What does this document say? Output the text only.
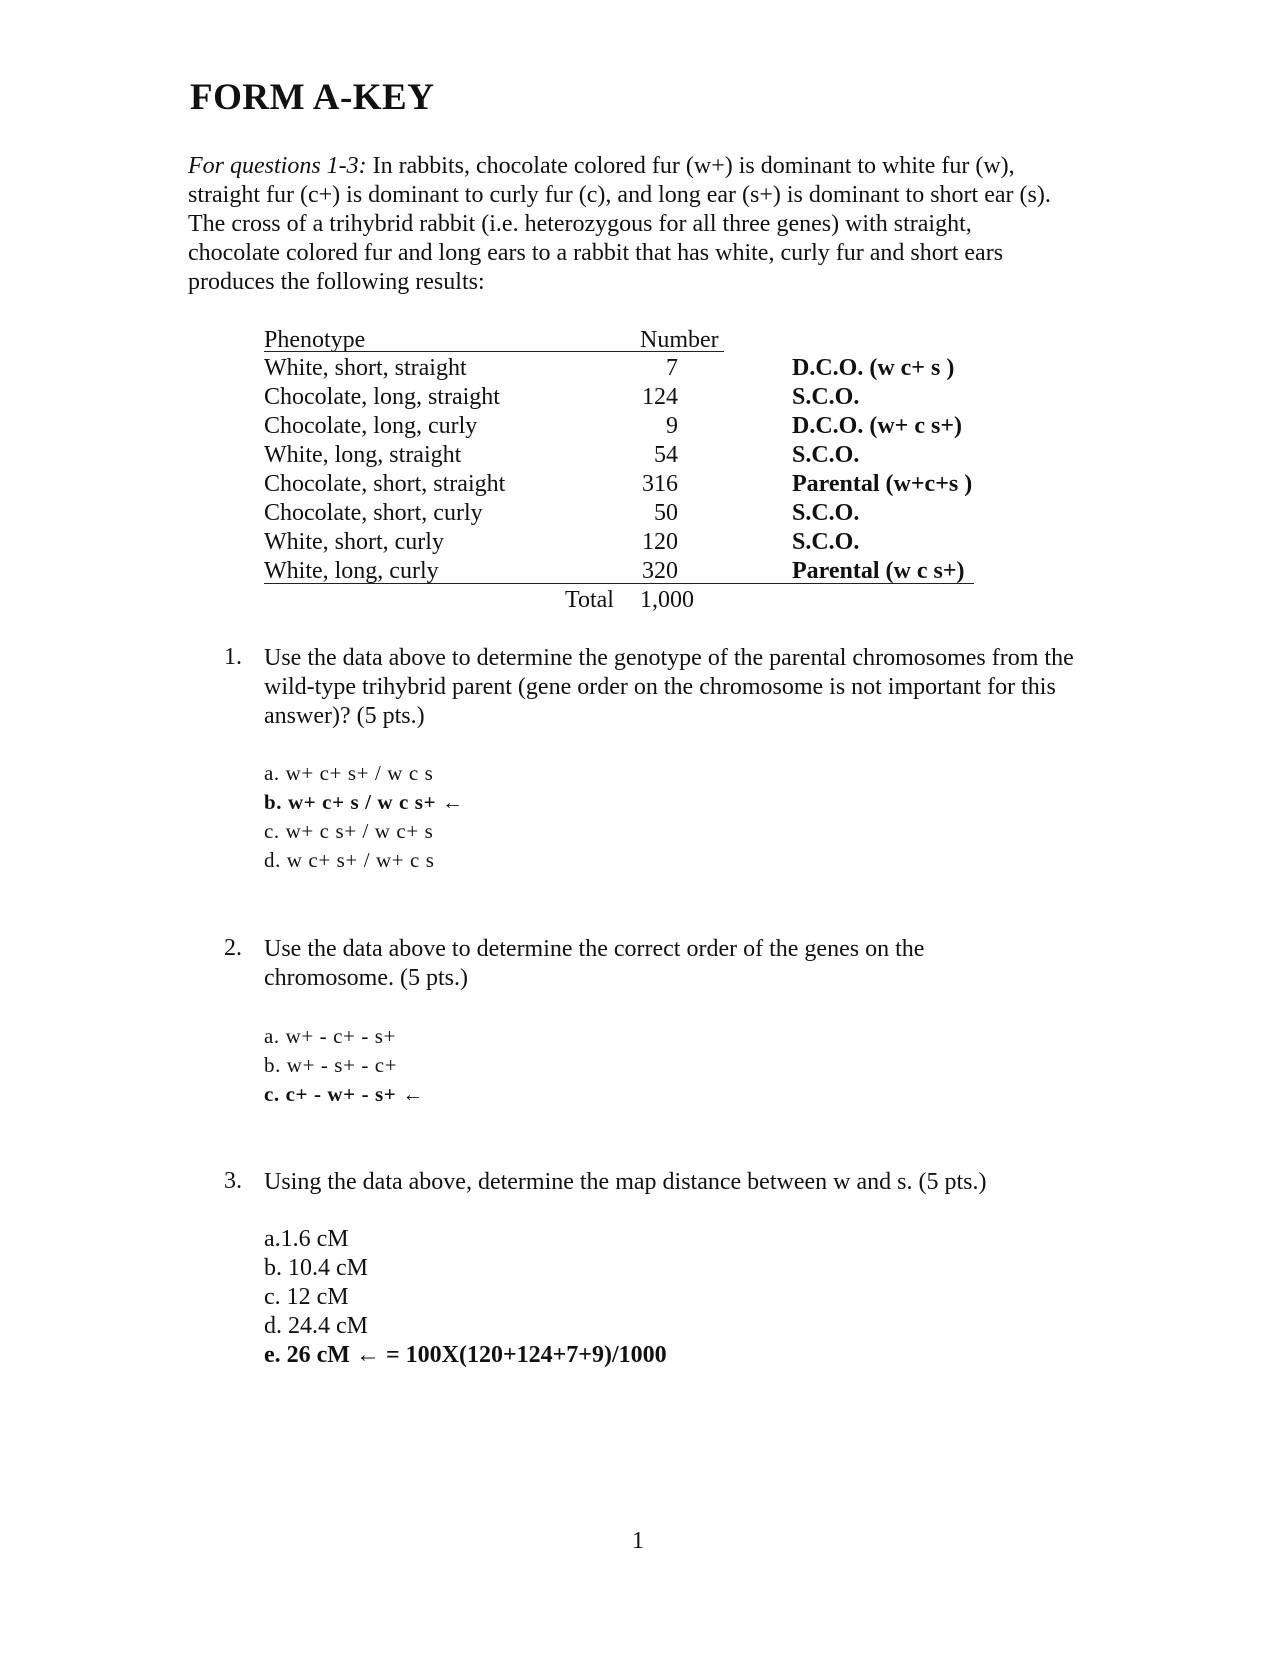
FORM A-KEY
For questions 1-3: In rabbits, chocolate colored fur (w+) is dominant to white fur (w), straight fur (c+) is dominant to curly fur (c), and long ear (s+) is dominant to short ear (s). The cross of a trihybrid rabbit (i.e. heterozygous for all three genes) with straight, chocolate colored fur and long ears to a rabbit that has white, curly fur and short ears produces the following results:
Phenotype	Number
White, short, straight	7	D.C.O. (w c+ s )
Chocolate, long, straight	124	S.C.O.
Chocolate, long, curly	9	D.C.O. (w+ c s+)
White, long, straight	54	S.C.O.
Chocolate, short, straight	316	Parental (w+c+s )
Chocolate, short, curly	50	S.C.O.
White, short, curly	120	S.C.O.
White, long, curly	320	Parental (w c s+)
Total 1,000
1. Use the data above to determine the genotype of the parental chromosomes from the wild-type trihybrid parent (gene order on the chromosome is not important for this answer)? (5 pts.)
a. w+ c+ s+ / w c s
b. w+ c+ s / w c s+ ←
c. w+ c s+ / w c+ s
d. w c+ s+ / w+ c s
2. Use the data above to determine the correct order of the genes on the chromosome. (5 pts.)
a. w+ - c+ - s+
b. w+ - s+ - c+
c. c+ - w+ - s+ ←
3. Using the data above, determine the map distance between w and s. (5 pts.)
a.1.6 cM
b. 10.4 cM
c. 12 cM
d. 24.4 cM
e. 26 cM ← = 100X(120+124+7+9)/1000
1
